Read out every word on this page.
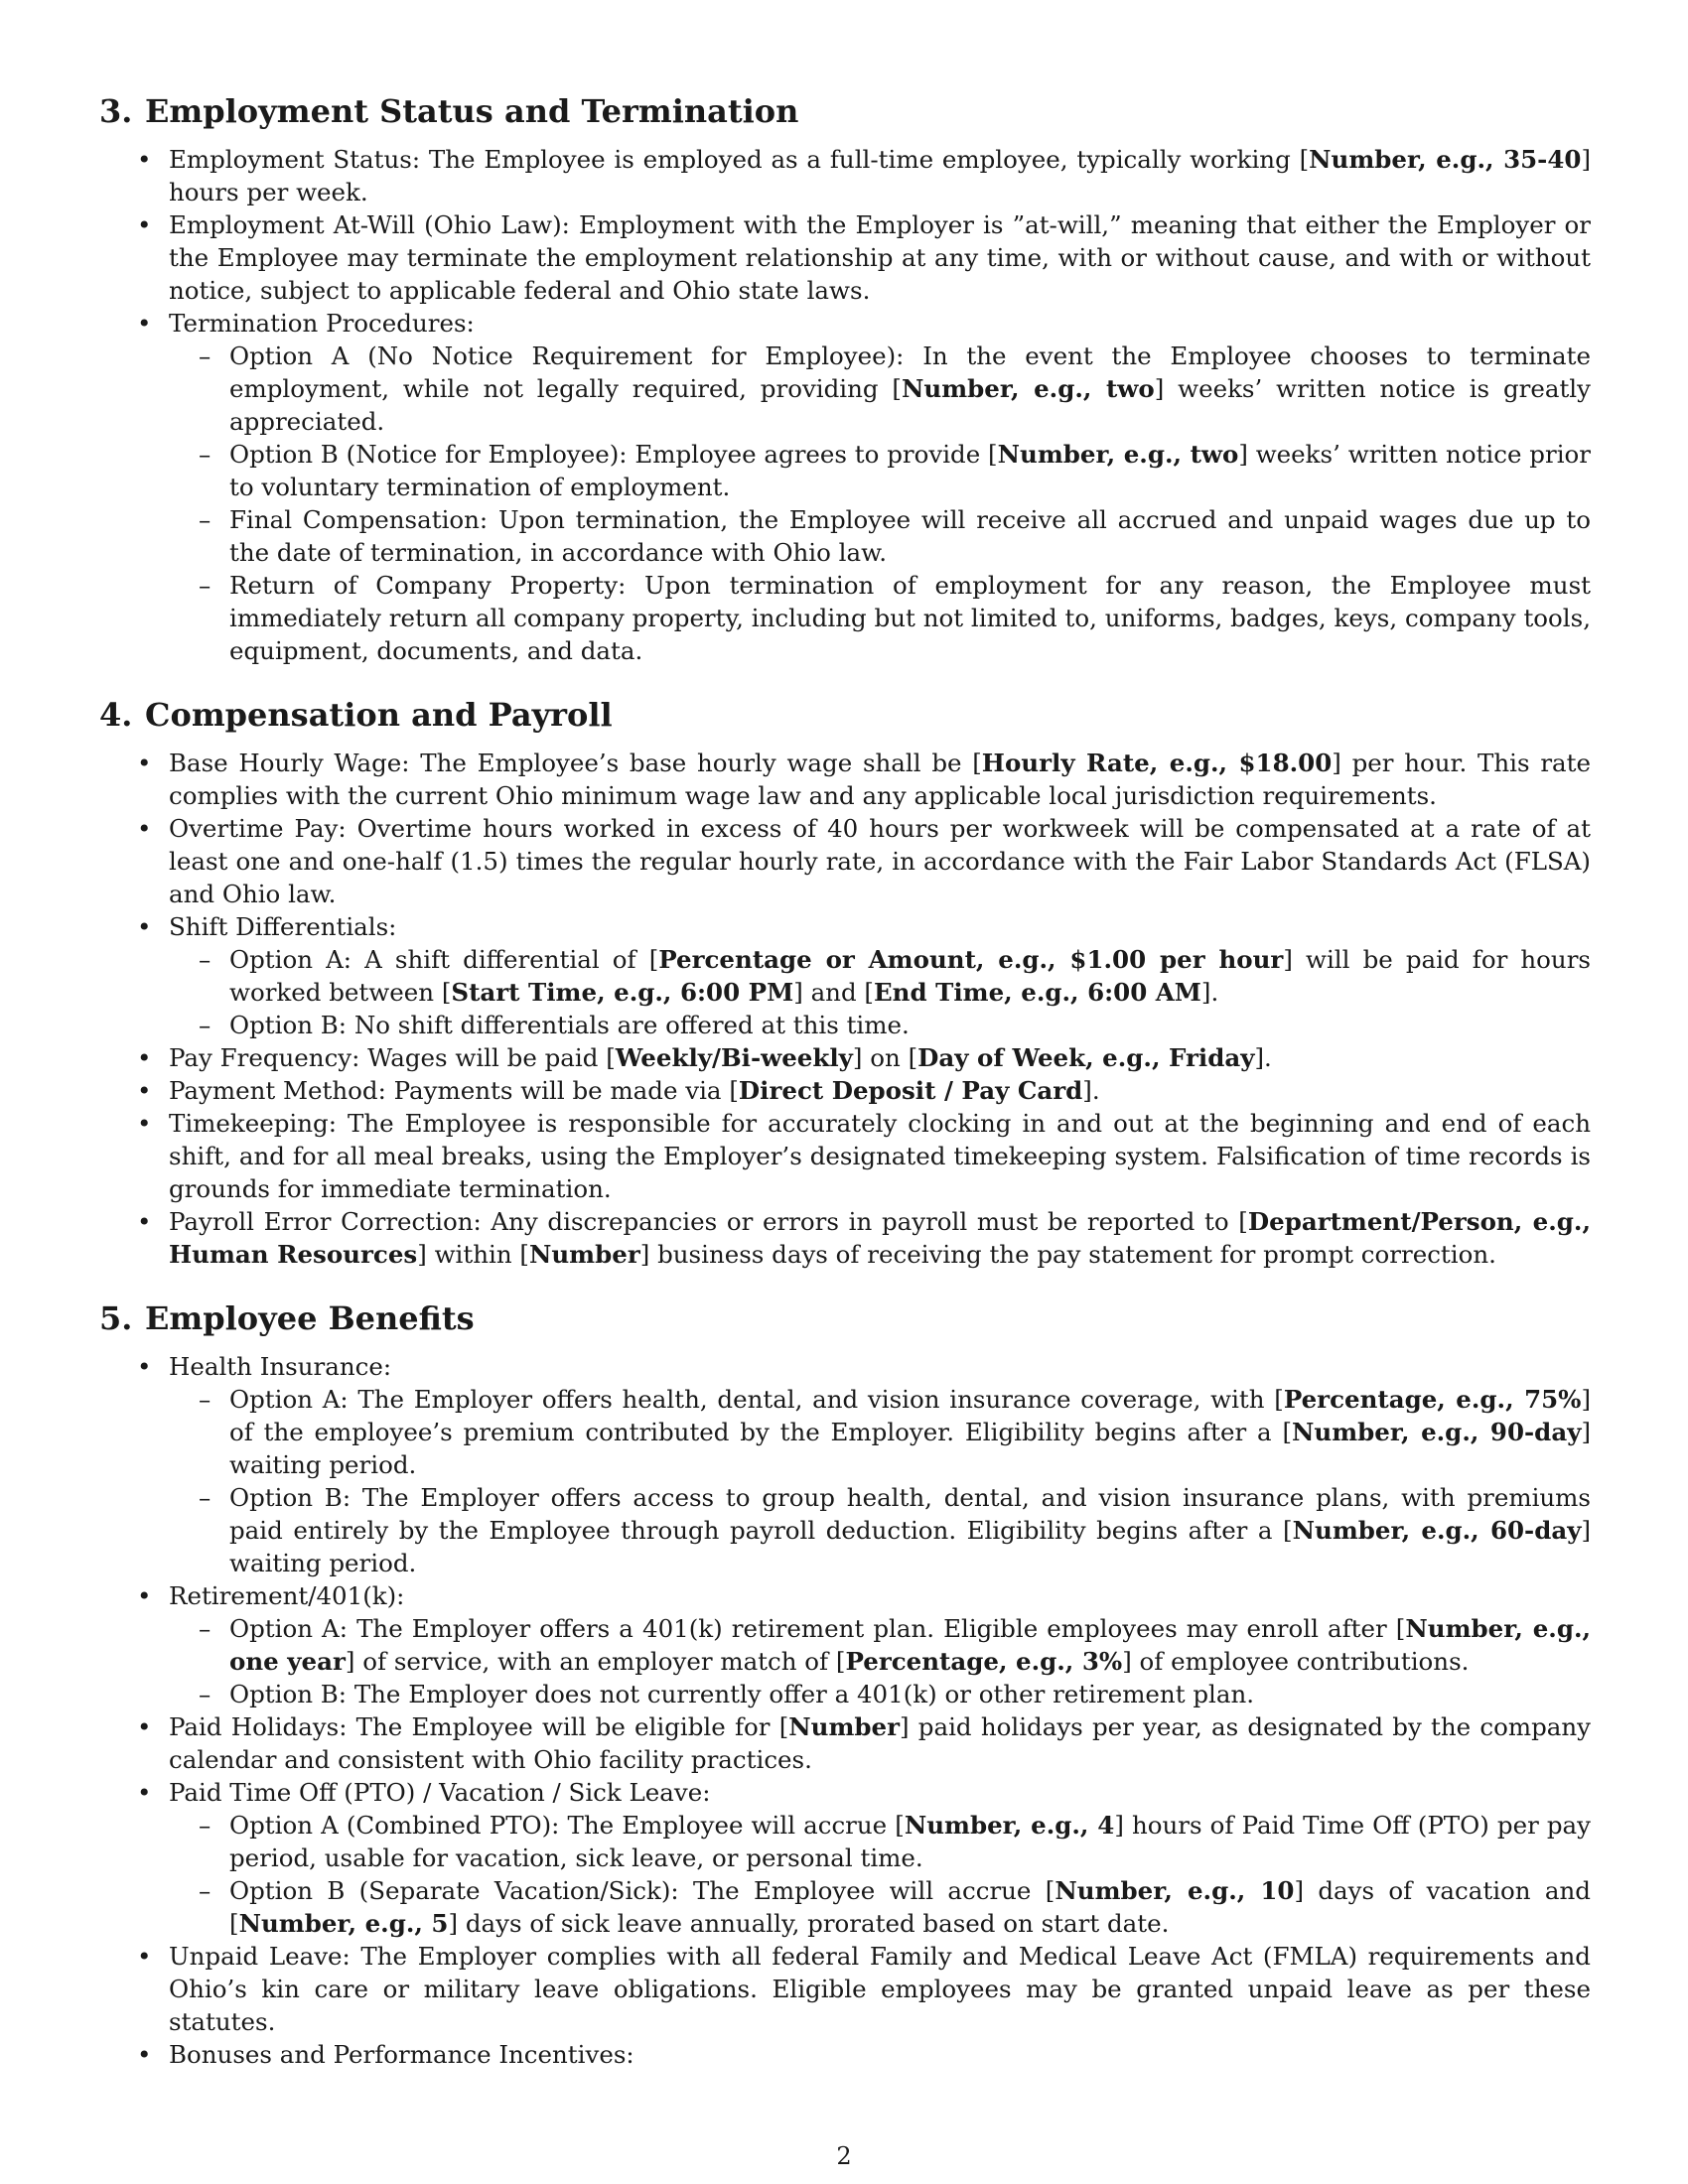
3. Employment Status and Termination
• Employment Status: The Employee is employed as a full-time employee, typically working [Number, e.g., 35-40] hours per week.
• Employment At-Will (Ohio Law): Employment with the Employer is ”at-will,” meaning that either the Employer or the Employee may terminate the employment relationship at any time, with or without cause, and with or without notice, subject to applicable federal and Ohio state laws.
• Termination Procedures:
– Option A (No Notice Requirement for Employee): In the event the Employee chooses to terminate employment, while not legally required, providing [Number, e.g., two] weeks’ written notice is greatly appreciated.
– Option B (Notice for Employee): Employee agrees to provide [Number, e.g., two] weeks’ written notice prior to voluntary termination of employment.
– Final Compensation: Upon termination, the Employee will receive all accrued and unpaid wages due up to the date of termination, in accordance with Ohio law.
– Return of Company Property: Upon termination of employment for any reason, the Employee must immediately return all company property, including but not limited to, uniforms, badges, keys, company tools, equipment, documents, and data.
4. Compensation and Payroll
• Base Hourly Wage: The Employee’s base hourly wage shall be [Hourly Rate, e.g., $18.00] per hour. This rate complies with the current Ohio minimum wage law and any applicable local jurisdiction requirements.
• Overtime Pay: Overtime hours worked in excess of 40 hours per workweek will be compensated at a rate of at least one and one-half (1.5) times the regular hourly rate, in accordance with the Fair Labor Standards Act (FLSA) and Ohio law.
• Shift Differentials:
– Option A: A shift differential of [Percentage or Amount, e.g., $1.00 per hour] will be paid for hours worked between [Start Time, e.g., 6:00 PM] and [End Time, e.g., 6:00 AM].
– Option B: No shift differentials are offered at this time.
• Pay Frequency: Wages will be paid [Weekly/Bi-weekly] on [Day of Week, e.g., Friday].
• Payment Method: Payments will be made via [Direct Deposit / Pay Card].
• Timekeeping: The Employee is responsible for accurately clocking in and out at the beginning and end of each shift, and for all meal breaks, using the Employer’s designated timekeeping system. Falsification of time records is grounds for immediate termination.
• Payroll Error Correction: Any discrepancies or errors in payroll must be reported to [Department/Person, e.g., Human Resources] within [Number] business days of receiving the pay statement for prompt correction.
5. Employee Benefits
• Health Insurance:
– Option A: The Employer offers health, dental, and vision insurance coverage, with [Percentage, e.g., 75%] of the employee’s premium contributed by the Employer. Eligibility begins after a [Number, e.g., 90-day] waiting period.
– Option B: The Employer offers access to group health, dental, and vision insurance plans, with premiums paid entirely by the Employee through payroll deduction. Eligibility begins after a [Number, e.g., 60-day] waiting period.
• Retirement/401(k):
– Option A: The Employer offers a 401(k) retirement plan. Eligible employees may enroll after [Number, e.g., one year] of service, with an employer match of [Percentage, e.g., 3%] of employee contributions.
– Option B: The Employer does not currently offer a 401(k) or other retirement plan.
• Paid Holidays: The Employee will be eligible for [Number] paid holidays per year, as designated by the company calendar and consistent with Ohio facility practices.
• Paid Time Off (PTO) / Vacation / Sick Leave:
– Option A (Combined PTO): The Employee will accrue [Number, e.g., 4] hours of Paid Time Off (PTO) per pay period, usable for vacation, sick leave, or personal time.
– Option B (Separate Vacation/Sick): The Employee will accrue [Number, e.g., 10] days of vacation and [Number, e.g., 5] days of sick leave annually, prorated based on start date.
• Unpaid Leave: The Employer complies with all federal Family and Medical Leave Act (FMLA) requirements and Ohio’s kin care or military leave obligations. Eligible employees may be granted unpaid leave as per these statutes.
• Bonuses and Performance Incentives:
2
